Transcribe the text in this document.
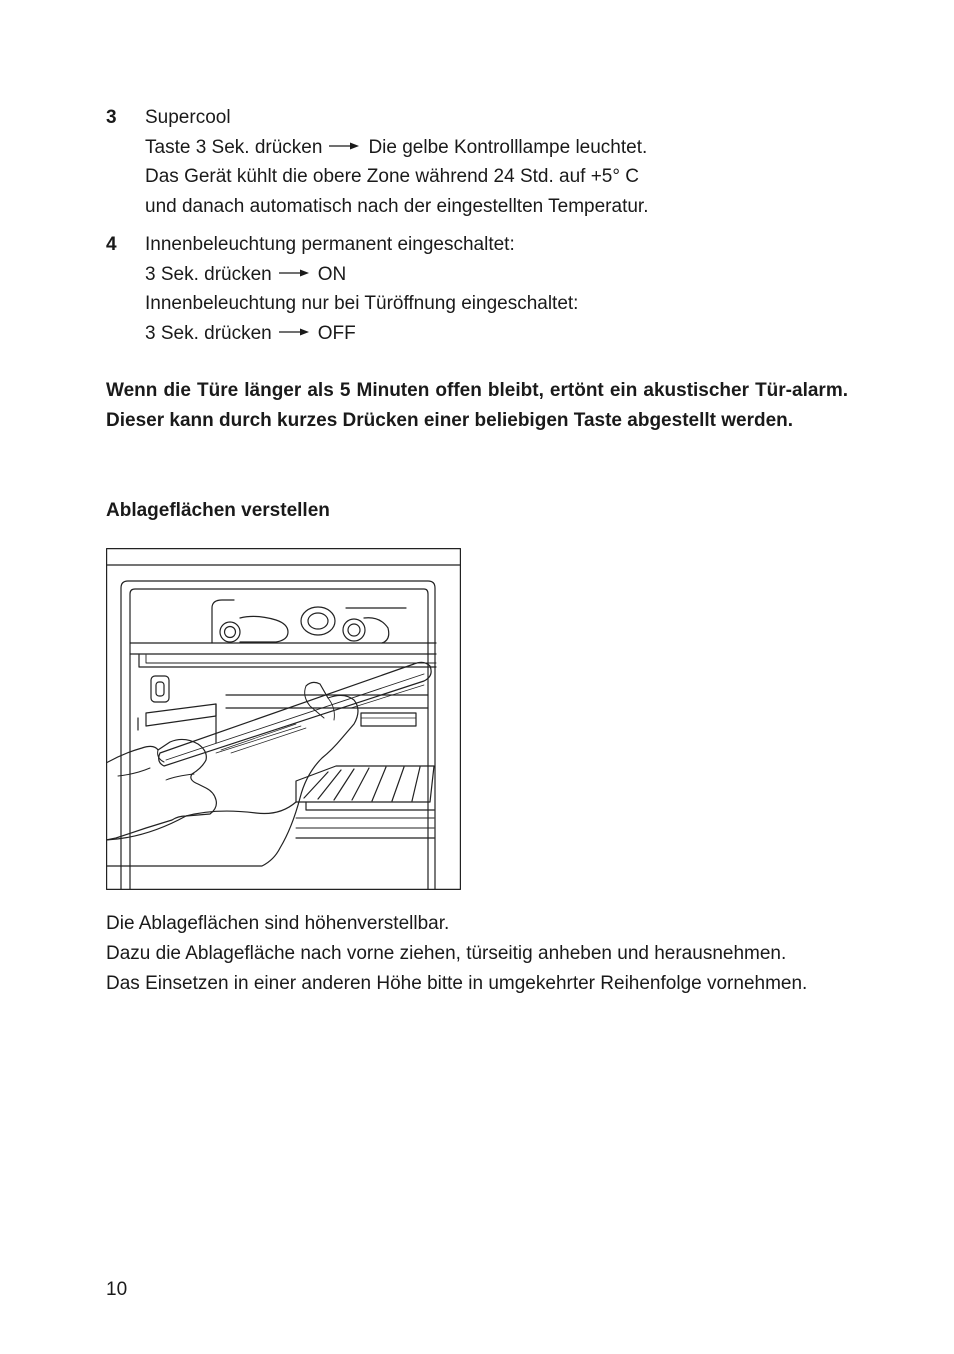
3 Supercool
Taste 3 Sek. drücken Die gelbe Kontrolllampe leuchtet.
Das Gerät kühlt die obere Zone während 24 Std. auf +5° C
und danach automatisch nach der eingestellten Temperatur.
4 Innenbeleuchtung permanent eingeschaltet:
3 Sek. drücken ON
Innenbeleuchtung nur bei Türöffnung eingeschaltet:
3 Sek. drücken OFF
Wenn die Türe länger als 5 Minuten offen bleibt, ertönt ein akustischer Tür-alarm. Dieser kann durch kurzes Drücken einer beliebigen Taste abgestellt werden.
Ablageflächen verstellen
Die Ablageflächen sind höhenverstellbar.
Dazu die Ablagefläche nach vorne ziehen, türseitig anheben und herausnehmen.
Das Einsetzen in einer anderen Höhe bitte in umgekehrter Reihenfolge vornehmen.
10
